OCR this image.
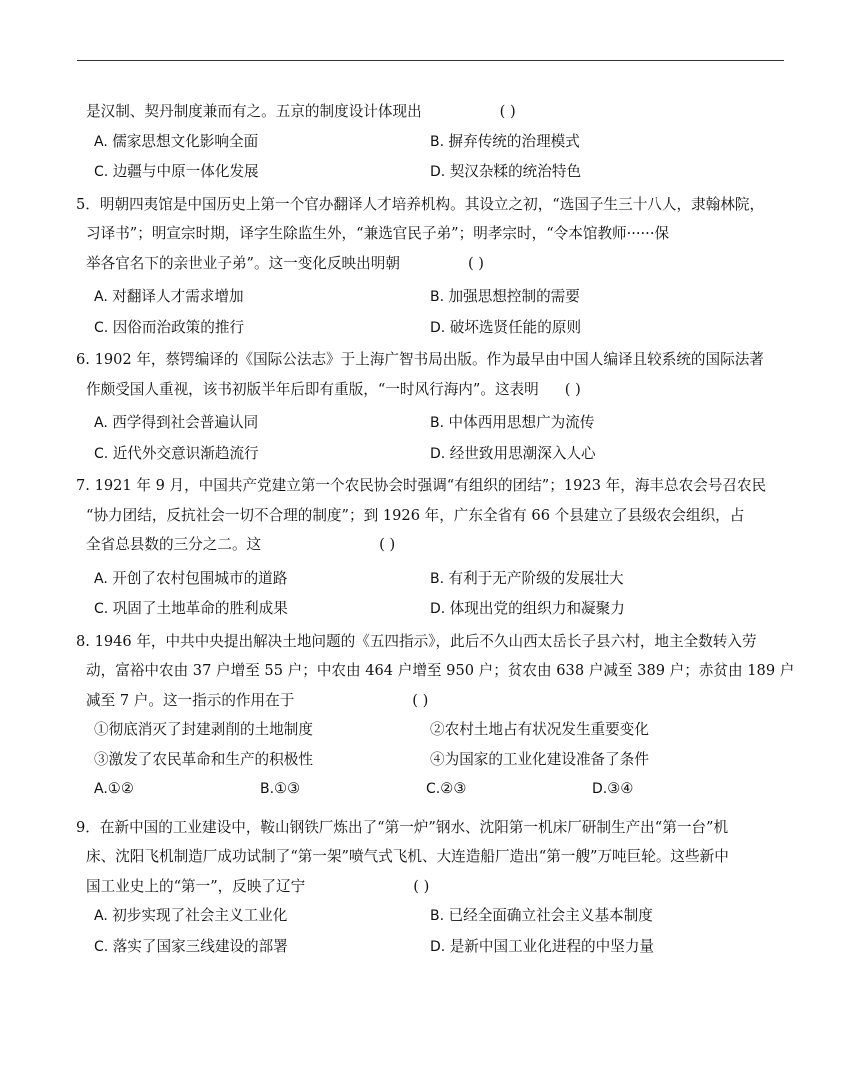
是汉制、契丹制度兼而有之。五京的制度设计体现出	( )
A. 儒家思想文化影响全面	B. 摒弃传统的治理模式
C. 边疆与中原一体化发展	D. 契汉杂糅的统治特色
5．明朝四夷馆是中国历史上第一个官办翻译人才培养机构。其设立之初，“选国子生三十八人，隶翰林院，
习译书”；明宣宗时期，译字生除监生外，“兼选官民子弟”；明孝宗时，“令本馆教师······保
举各官名下的亲世业子弟”。这一变化反映出明朝	( )
A. 对翻译人才需求增加	B. 加强思想控制的需要
C. 因俗而治政策的推行	D. 破坏选贤任能的原则
6. 1902 年，蔡锷编译的《国际公法志》于上海广智书局出版。作为最早由中国人编译且较系统的国际法著
作颇受国人重视，该书初版半年后即有重版，“一时风行海内”。这表明 ( )
A. 西学得到社会普遍认同	B. 中体西用思想广为流传
C. 近代外交意识渐趋流行	D. 经世致用思潮深入人心
7. 1921 年 9 月，中国共产党建立第一个农民协会时强调“有组织的团结”；1923 年，海丰总农会号召农民
“协力团结，反抗社会一切不合理的制度”；到 1926 年，广东全省有 66 个县建立了县级农会组织，占
全省总县数的三分之二。这	( )
A. 开创了农村包围城市的道路	B. 有利于无产阶级的发展壮大
C. 巩固了土地革命的胜利成果	D. 体现出党的组织力和凝聚力
8. 1946 年，中共中央提出解决土地问题的《五四指示》，此后不久山西太岳长子县六村，地主全数转入劳
动，富裕中农由 37 户增至 55 户；中农由 464 户增至 950 户；贫农由 638 户减至 389 户；赤贫由 189 户
减至 7 户。这一指示的作用在于	( )
①彻底消灭了封建剥削的土地制度	②农村土地占有状况发生重要变化
③激发了农民革命和生产的积极性	④为国家的工业化建设准备了条件
A.①②	B.①③	C.②③	D.③④
9．在新中国的工业建设中，鞍山钢铁厂炼出了“第一炉”钢水、沈阳第一机床厂研制生产出“第一台”机
床、沈阳飞机制造厂成功试制了“第一架”喷气式飞机、大连造船厂造出“第一艘”万吨巨轮。这些新中
国工业史上的“第一”，反映了辽宁	( )
A. 初步实现了社会主义工业化	B. 已经全面确立社会主义基本制度
C. 落实了国家三线建设的部署	D. 是新中国工业化进程的中坚力量
